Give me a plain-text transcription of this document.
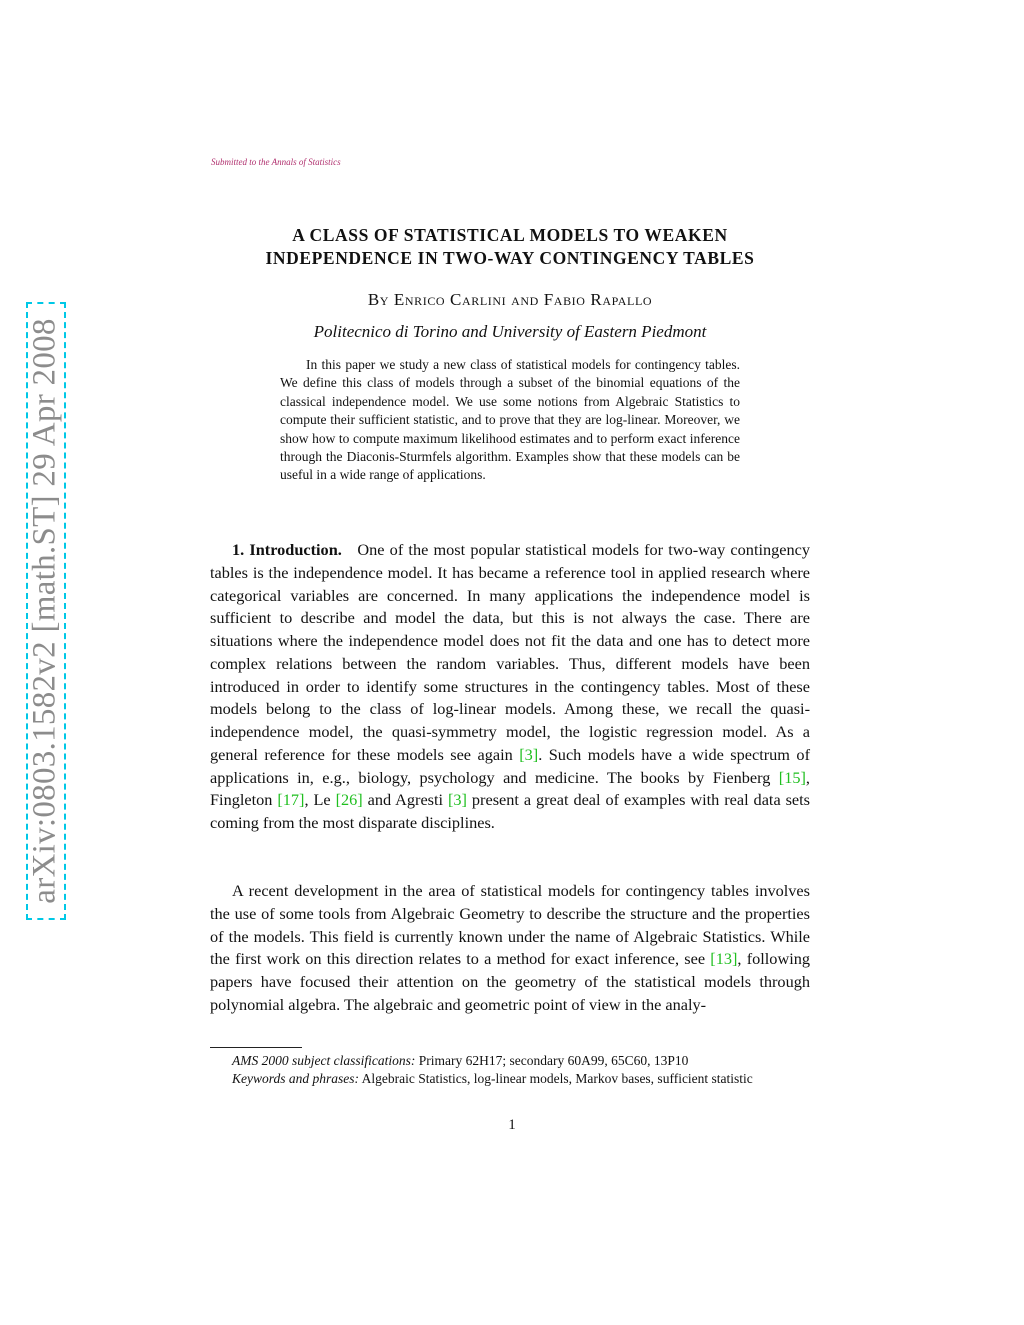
arXiv:0803.1582v2 [math.ST] 29 Apr 2008
Submitted to the Annals of Statistics
A CLASS OF STATISTICAL MODELS TO WEAKEN
INDEPENDENCE IN TWO-WAY CONTINGENCY TABLES
By Enrico Carlini and Fabio Rapallo
Politecnico di Torino and University of Eastern Piedmont
In this paper we study a new class of statistical models for contingency tables. We define this class of models through a subset of the binomial equations of the classical independence model. We use some notions from Algebraic Statistics to compute their sufficient statistic, and to prove that they are log-linear. Moreover, we show how to compute maximum likelihood estimates and to perform exact inference through the Diaconis-Sturmfels algorithm. Examples show that these models can be useful in a wide range of applications.

1. Introduction. One of the most popular statistical models for two-way contingency tables is the independence model. It has became a reference tool in applied research where categorical variables are concerned. In many applications the independence model is sufficient to describe and model the data, but this is not always the case. There are situations where the independence model does not fit the data and one has to detect more complex relations between the random variables. Thus, different models have been introduced in order to identify some structures in the contingency tables. Most of these models belong to the class of log-linear models. Among these, we recall the quasi-independence model, the quasi-symmetry model, the logistic regression model. As a general reference for these models see again [3]. Such models have a wide spectrum of applications in, e.g., biology, psychology and medicine. The books by Fienberg [15], Fingleton [17], Le [26] and Agresti [3] present a great deal of examples with real data sets coming from the most disparate disciplines.

A recent development in the area of statistical models for contingency tables involves the use of some tools from Algebraic Geometry to describe the structure and the properties of the models. This field is currently known under the name of Algebraic Statistics. While the first work on this direction relates to a method for exact inference, see [13], following papers have focused their attention on the geometry of the statistical models through polynomial algebra. The algebraic and geometric point of view in the analy-

AMS 2000 subject classifications: Primary 62H17; secondary 60A99, 65C60, 13P10
Keywords and phrases: Algebraic Statistics, log-linear models, Markov bases, sufficient statistic
1
